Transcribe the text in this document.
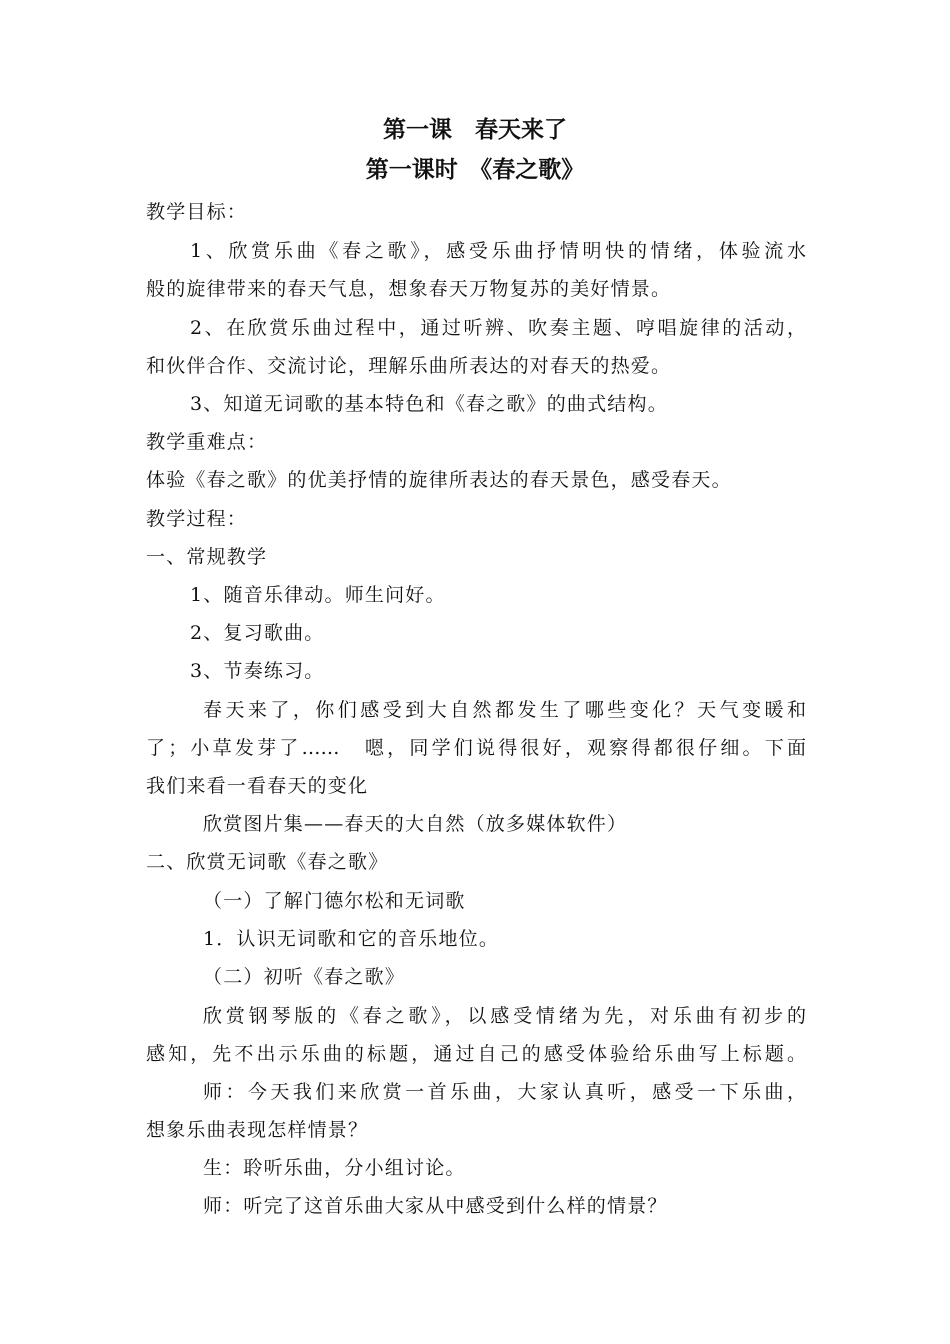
第一课　春天来了
第一课时　《春之歌》
教学目标：
1、欣赏乐曲《春之歌》，感受乐曲抒情明快的情绪，体验流水
般的旋律带来的春天气息，想象春天万物复苏的美好情景。
2、在欣赏乐曲过程中，通过听辨、吹奏主题、哼唱旋律的活动，
和伙伴合作、交流讨论，理解乐曲所表达的对春天的热爱。
3、知道无词歌的基本特色和《春之歌》的曲式结构。
教学重难点：
体验《春之歌》的优美抒情的旋律所表达的春天景色，感受春天。
教学过程：
一、常规教学
1、随音乐律动。师生问好。
2、复习歌曲。
3、节奏练习。
春天来了，你们感受到大自然都发生了哪些变化？天气变暖和
了；小草发芽了……　嗯，同学们说得很好，观察得都很仔细。下面
我们来看一看春天的变化
欣赏图片集——春天的大自然（放多媒体软件）
二、欣赏无词歌《春之歌》
（一）了解门德尔松和无词歌
1．认识无词歌和它的音乐地位。
（二）初听《春之歌》
欣赏钢琴版的《春之歌》，以感受情绪为先，对乐曲有初步的
感知，先不出示乐曲的标题，通过自己的感受体验给乐曲写上标题。
师：今天我们来欣赏一首乐曲，大家认真听，感受一下乐曲，
想象乐曲表现怎样情景？
生：聆听乐曲，分小组讨论。
师：听完了这首乐曲大家从中感受到什么样的情景？
